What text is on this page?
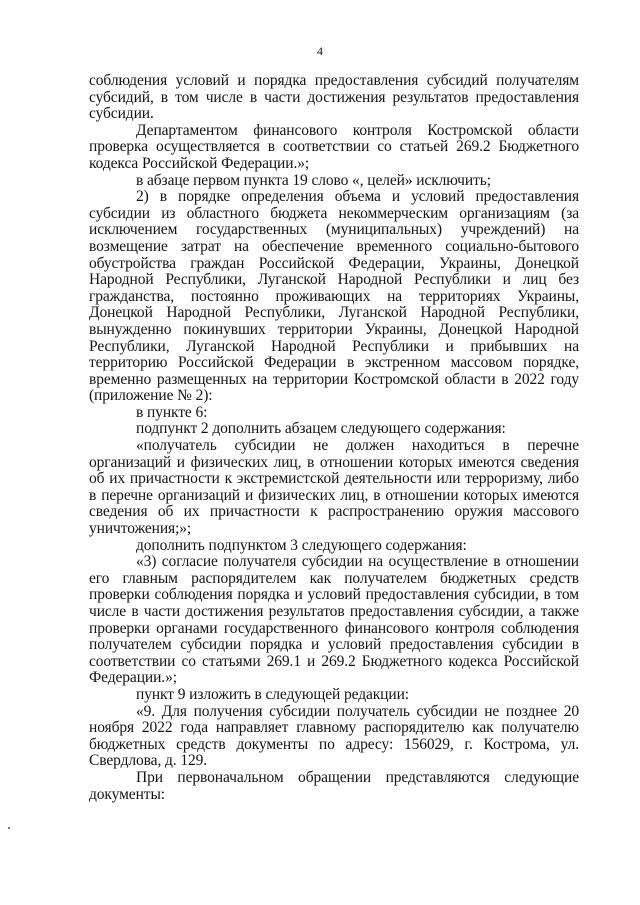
4

соблюдения условий и порядка предоставления субсидий получателям субсидий, в том числе в части достижения результатов предоставления субсидии.

Департаментом финансового контроля Костромской области проверка осуществляется в соответствии со статьей 269.2 Бюджетного кодекса Российской Федерации.»;

в абзаце первом пункта 19 слово «, целей» исключить;

2) в порядке определения объема и условий предоставления субсидии из областного бюджета некоммерческим организациям (за исключением государственных (муниципальных) учреждений) на возмещение затрат на обеспечение временного социально-бытового обустройства граждан Российской Федерации, Украины, Донецкой Народной Республики, Луганской Народной Республики и лиц без гражданства, постоянно проживающих на территориях Украины, Донецкой Народной Республики, Луганской Народной Республики, вынужденно покинувших территории Украины, Донецкой Народной Республики, Луганской Народной Республики и прибывших на территорию Российской Федерации в экстренном массовом порядке, временно размещенных на территории Костромской области в 2022 году (приложение № 2):

в пункте 6:

подпункт 2 дополнить абзацем следующего содержания:

«получатель субсидии не должен находиться в перечне организаций и физических лиц, в отношении которых имеются сведения об их причастности к экстремистской деятельности или терроризму, либо в перечне организаций и физических лиц, в отношении которых имеются сведения об их причастности к распространению оружия массового уничтожения;»;

дополнить подпунктом 3 следующего содержания:

«3) согласие получателя субсидии на осуществление в отношении его главным распорядителем как получателем бюджетных средств проверки соблюдения порядка и условий предоставления субсидии, в том числе в части достижения результатов предоставления субсидии, а также проверки органами государственного финансового контроля соблюдения получателем субсидии порядка и условий предоставления субсидии в соответствии со статьями 269.1 и 269.2 Бюджетного кодекса Российской Федерации.»;

пункт 9 изложить в следующей редакции:

«9. Для получения субсидии получатель субсидии не позднее 20 ноября 2022 года направляет главному распорядителю как получателю бюджетных средств документы по адресу: 156029, г. Кострома, ул. Свердлова, д. 129.

При первоначальном обращении представляются следующие документы:
